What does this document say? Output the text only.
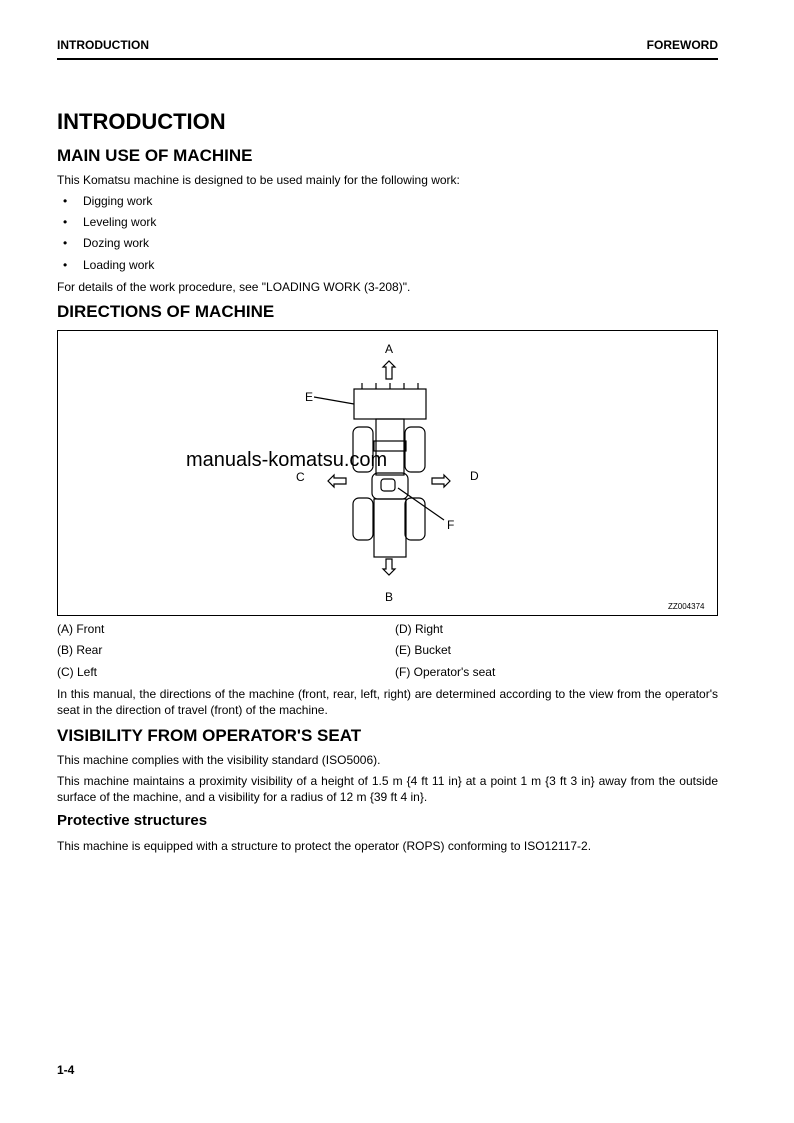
INTRODUCTION	FOREWORD
INTRODUCTION
MAIN USE OF MACHINE
This Komatsu machine is designed to be used mainly for the following work:
• Digging work
• Leveling work
• Dozing work
• Loading work
For details of the work procedure, see "LOADING WORK (3-208)".
DIRECTIONS OF MACHINE
A
B
C	D
E
F
ZZ004374
manuals-komatsu.com
(A) Front
(B) Rear
(C) Left
(D) Right
(E) Bucket
(F) Operator's seat
In this manual, the directions of the machine (front, rear, left, right) are determined according to the view from the operator's seat in the direction of travel (front) of the machine.
VISIBILITY FROM OPERATOR'S SEAT
This machine complies with the visibility standard (ISO5006).
This machine maintains a proximity visibility of a height of 1.5 m {4 ft 11 in} at a point 1 m {3 ft 3 in} away from the outside surface of the machine, and a visibility for a radius of 12 m {39 ft 4 in}.
Protective structures
This machine is equipped with a structure to protect the operator (ROPS) conforming to ISO12117-2.
1-4
